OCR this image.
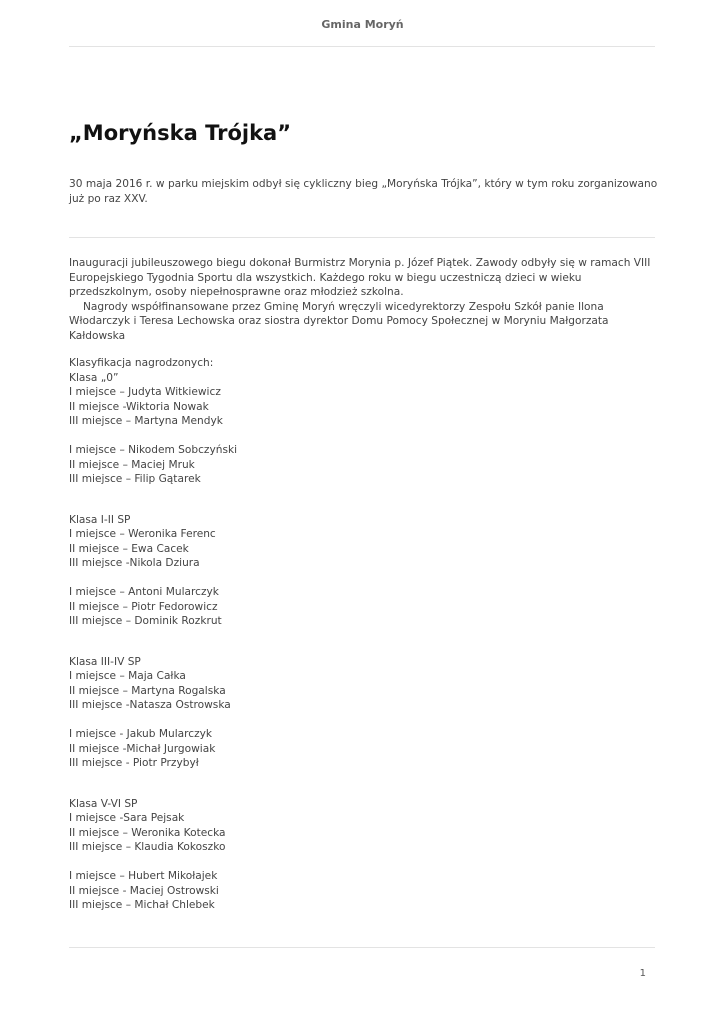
Gmina Moryń
„Moryńska Trójka”

30 maja 2016 r. w parku miejskim odbył się cykliczny bieg „Moryńska Trójka”, który w tym roku zorganizowano już po raz XXV.

Inauguracji jubileuszowego biegu dokonał Burmistrz Morynia p. Józef Piątek. Zawody odbyły się w ramach VIII Europejskiego Tygodnia Sportu dla wszystkich. Każdego roku w biegu uczestniczą dzieci w wieku przedszkolnym, osoby niepełnosprawne oraz młodzież szkolna.

Nagrody współfinansowane przez Gminę Moryń wręczyli wicedyrektorzy Zespołu Szkół panie Ilona Włodarczyk i Teresa Lechowska oraz siostra dyrektor Domu Pomocy Społecznej w Moryniu Małgorzata Kałdowska

Klasyfikacja nagrodzonych:

Klasa „0”

I miejsce – Judyta Witkiewicz

II miejsce -Wiktoria Nowak

III miejsce – Martyna Mendyk

I miejsce – Nikodem Sobczyński

II miejsce – Maciej Mruk

III miejsce – Filip Gątarek

Klasa I-II SP

I miejsce – Weronika Ferenc

II miejsce – Ewa Cacek

III miejsce -Nikola Dziura

I miejsce – Antoni Mularczyk

II miejsce – Piotr Fedorowicz

III miejsce – Dominik Rozkrut

Klasa III-IV SP

I miejsce – Maja Całka

II miejsce – Martyna Rogalska

III miejsce -Natasza Ostrowska

I miejsce - Jakub Mularczyk

II miejsce -Michał Jurgowiak

III miejsce - Piotr Przybył

Klasa V-VI SP

I miejsce -Sara Pejsak

II miejsce – Weronika Kotecka

III miejsce – Klaudia Kokoszko

I miejsce – Hubert Mikołajek

II miejsce - Maciej Ostrowski

III miejsce – Michał Chlebek

1
